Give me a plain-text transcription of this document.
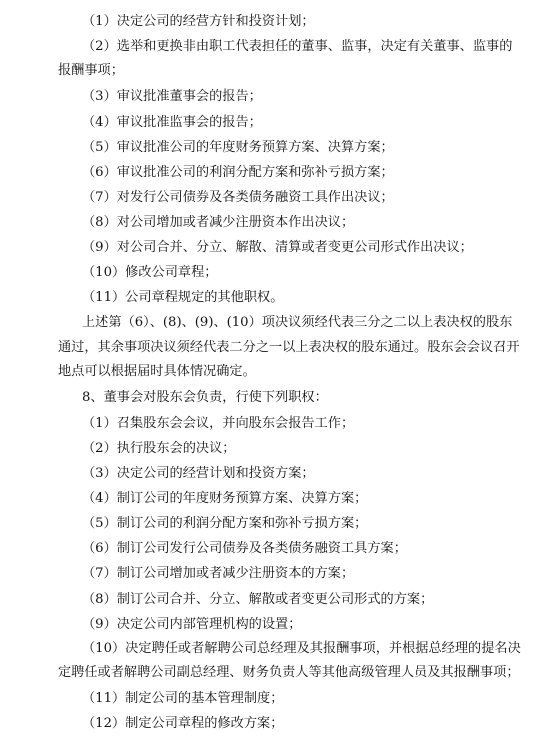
（1）决定公司的经营方针和投资计划；
（2）选举和更换非由职工代表担任的董事、监事，决定有关董事、监事的
报酬事项；
（3）审议批准董事会的报告；
（4）审议批准监事会的报告；
（5）审议批准公司的年度财务预算方案、决算方案；
（6）审议批准公司的利润分配方案和弥补亏损方案；
（7）对发行公司债券及各类债务融资工具作出决议；
（8）对公司增加或者减少注册资本作出决议；
（9）对公司合并、分立、解散、清算或者变更公司形式作出决议；
（10）修改公司章程；
（11）公司章程规定的其他职权。
上述第（6）、(8)、(9)、(10）项决议须经代表三分之二以上表决权的股东
通过，其余事项决议须经代表二分之一以上表决权的股东通过。股东会会议召开
地点可以根据届时具体情况确定。
8、董事会对股东会负责，行使下列职权：
（1）召集股东会会议，并向股东会报告工作；
（2）执行股东会的决议；
（3）决定公司的经营计划和投资方案；
（4）制订公司的年度财务预算方案、决算方案；
（5）制订公司的利润分配方案和弥补亏损方案；
（6）制订公司发行公司债券及各类债务融资工具方案；
（7）制订公司增加或者减少注册资本的方案；
（8）制订公司合并、分立、解散或者变更公司形式的方案；
（9）决定公司内部管理机构的设置；
（10）决定聘任或者解聘公司总经理及其报酬事项，并根据总经理的提名决
定聘任或者解聘公司副总经理、财务负责人等其他高级管理人员及其报酬事项；
（11）制定公司的基本管理制度；
（12）制定公司章程的修改方案；
